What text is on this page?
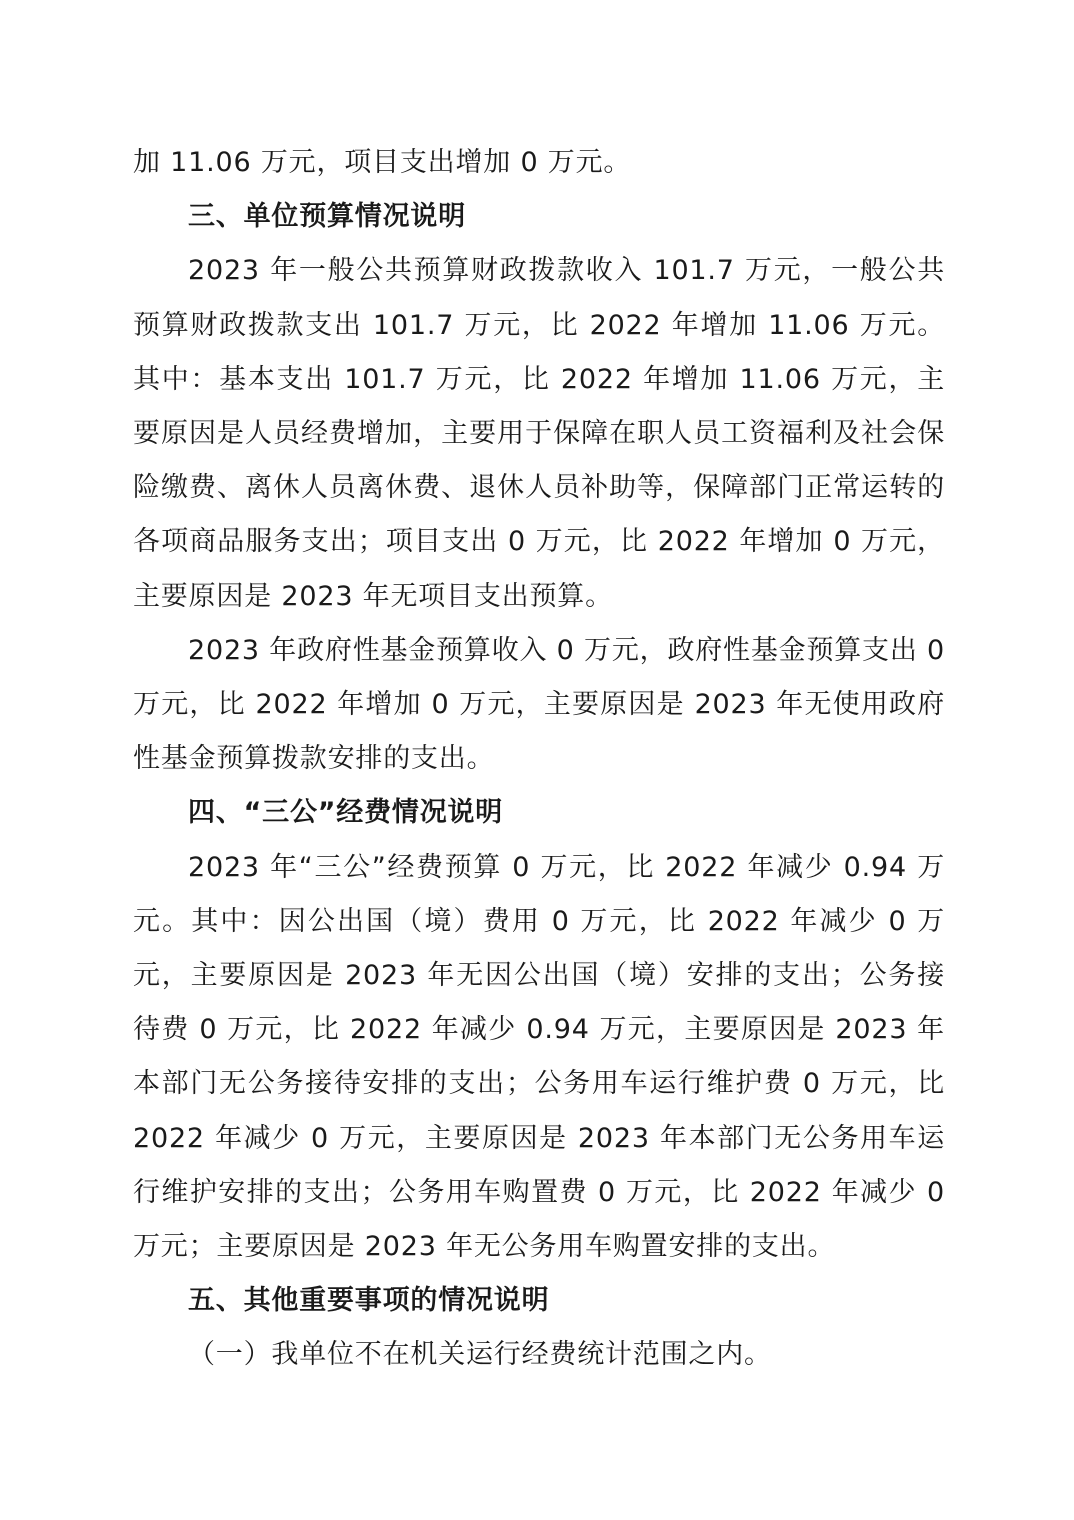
加 11.06 万元，项目支出增加 0 万元。

三、单位预算情况说明

2023 年一般公共预算财政拨款收入 101.7 万元，一般公共预算财政拨款支出 101.7 万元，比 2022 年增加 11.06 万元。其中：基本支出 101.7 万元，比 2022 年增加 11.06 万元，主要原因是人员经费增加，主要用于保障在职人员工资福利及社会保险缴费、离休人员离休费、退休人员补助等，保障部门正常运转的各项商品服务支出；项目支出 0 万元，比 2022 年增加 0 万元，主要原因是 2023 年无项目支出预算。

2023 年政府性基金预算收入 0 万元，政府性基金预算支出 0 万元，比 2022 年增加 0 万元，主要原因是 2023 年无使用政府性基金预算拨款安排的支出。

四、“三公”经费情况说明

2023 年“三公”经费预算 0 万元，比 2022 年减少 0.94 万元。其中：因公出国（境）费用 0 万元，比 2022 年减少 0 万元，主要原因是 2023 年无因公出国（境）安排的支出；公务接待费 0 万元，比 2022 年减少 0.94 万元，主要原因是 2023 年本部门无公务接待安排的支出；公务用车运行维护费 0 万元，比 2022 年减少 0 万元，主要原因是 2023 年本部门无公务用车运行维护安排的支出；公务用车购置费 0 万元，比 2022 年减少 0 万元；主要原因是 2023 年无公务用车购置安排的支出。

五、其他重要事项的情况说明

（一）我单位不在机关运行经费统计范围之内。
